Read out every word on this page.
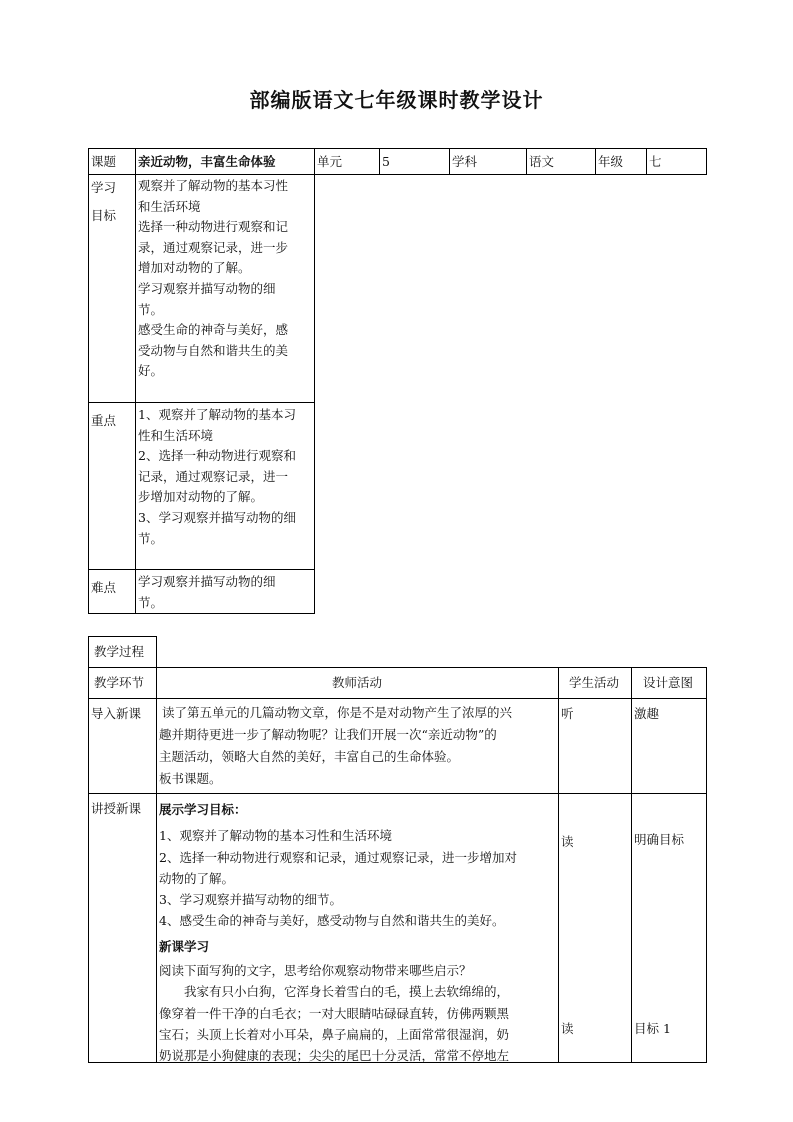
部编版语文七年级课时教学设计
课题 亲近动物，丰富生命体验	单元	5	学科	语文	年级 七
学习
目标
观察并了解动物的基本习性
和生活环境
选择一种动物进行观察和记
录，通过观察记录，进一步
增加对动物的了解。
学习观察并描写动物的细
节。
感受生命的神奇与美好，感
受动物与自然和谐共生的美
好。
重点 1、观察并了解动物的基本习
性和生活环境
2、选择一种动物进行观察和
记录，通过观察记录，进一
步增加对动物的了解。
3、学习观察并描写动物的细
节。
难点 学习观察并描写动物的细
节。
教学过程
教学环节	教师活动	学生活动 设计意图
导入新课 读了第五单元的几篇动物文章，你是不是对动物产生了浓厚的兴
趣并期待更进一步了解动物呢？让我们开展一次“亲近动物”的
主题活动，领略大自然的美好，丰富自己的生命体验。
板书课题。
听	激趣
讲授新课 展示学习目标：
1、观察并了解动物的基本习性和生活环境
2、选择一种动物进行观察和记录，通过观察记录，进一步增加对
动物的了解。
3、学习观察并描写动物的细节。
4、感受生命的神奇与美好，感受动物与自然和谐共生的美好。
新课学习
阅读下面写狗的文字，思考给你观察动物带来哪些启示？
我家有只小白狗，它浑身长着雪白的毛，摸上去软绵绵的，
像穿着一件干净的白毛衣；一对大眼睛咕碌碌直转，仿佛两颗黑
宝石；头顶上长着对小耳朵，鼻子扁扁的，上面常常很湿润，奶
奶说那是小狗健康的表现；尖尖的尾巴十分灵活，常常不停地左
读	明确目标
读	目标 1
